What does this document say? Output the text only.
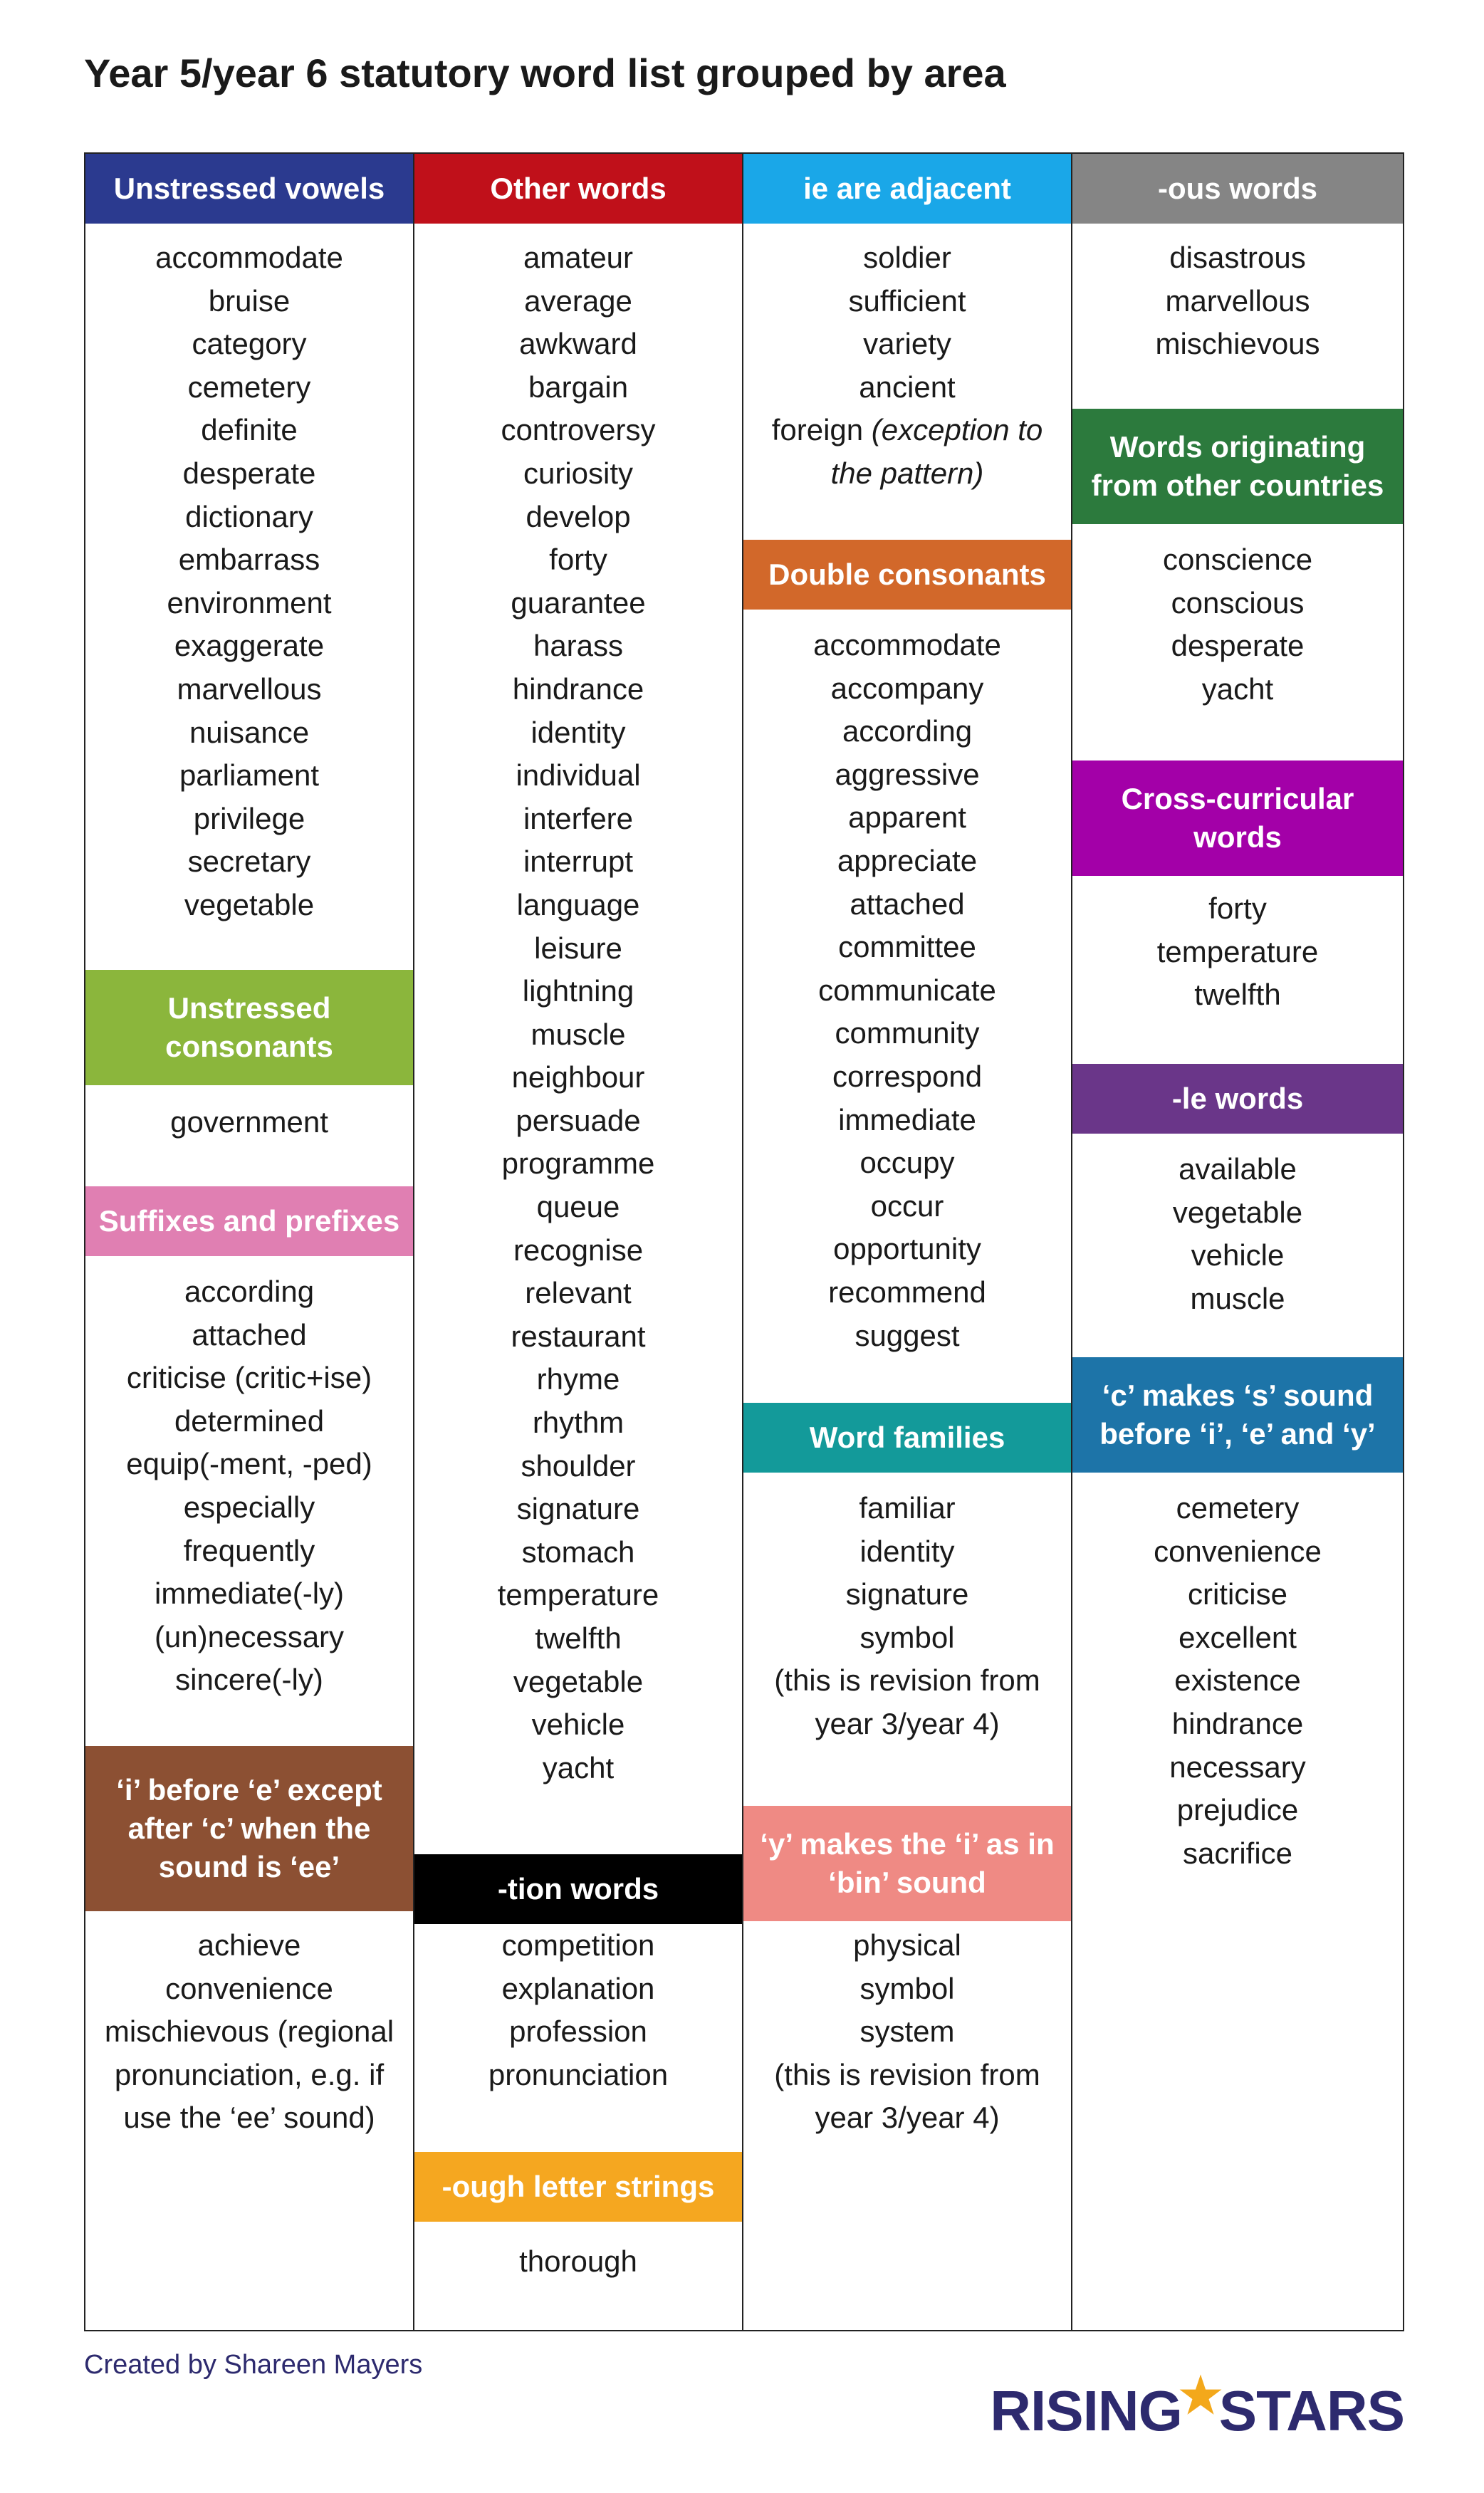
Year 5/year 6 statutory word list grouped by area
Unstressed vowels
accommodate
bruise
category
cemetery
definite
desperate
dictionary
embarrass
environment
exaggerate
marvellous
nuisance
parliament
privilege
secretary
vegetable
Unstressed consonants
government
Suffixes and prefixes
according
attached
criticise (critic+ise)
determined
equip(-ment, -ped)
especially
frequently
immediate(-ly)
(un)necessary
sincere(-ly)
‘i’ before ‘e’ except after ‘c’ when the sound is ‘ee’
achieve
convenience
mischievous (regional pronunciation, e.g. if use the ‘ee’ sound)
Other words
amateur
average
awkward
bargain
controversy
curiosity
develop
forty
guarantee
harass
hindrance
identity
individual
interfere
interrupt
language
leisure
lightning
muscle
neighbour
persuade
programme
queue
recognise
relevant
restaurant
rhyme
rhythm
shoulder
signature
stomach
temperature
twelfth
vegetable
vehicle
yacht
-tion words
competition
explanation
profession
pronunciation
-ough letter strings
thorough
ie are adjacent
soldier
sufficient
variety
ancient
foreign (exception to the pattern)
Double consonants
accommodate
accompany
according
aggressive
apparent
appreciate
attached
committee
communicate
community
correspond
immediate
occupy
occur
opportunity
recommend
suggest
Word families
familiar
identity
signature
symbol
(this is revision from year 3/year 4)
‘y’ makes the ‘i’ as in ‘bin’ sound
physical
symbol
system
(this is revision from year 3/year 4)
-ous words
disastrous
marvellous
mischievous
Words originating from other countries
conscience
conscious
desperate
yacht
Cross-curricular words
forty
temperature
twelfth
-le words
available
vegetable
vehicle
muscle
‘c’ makes ‘s’ sound before ‘i’, ‘e’ and ‘y’
cemetery
convenience
criticise
excellent
existence
hindrance
necessary
prejudice
sacrifice
Created by Shareen Mayers
RISING STARS
